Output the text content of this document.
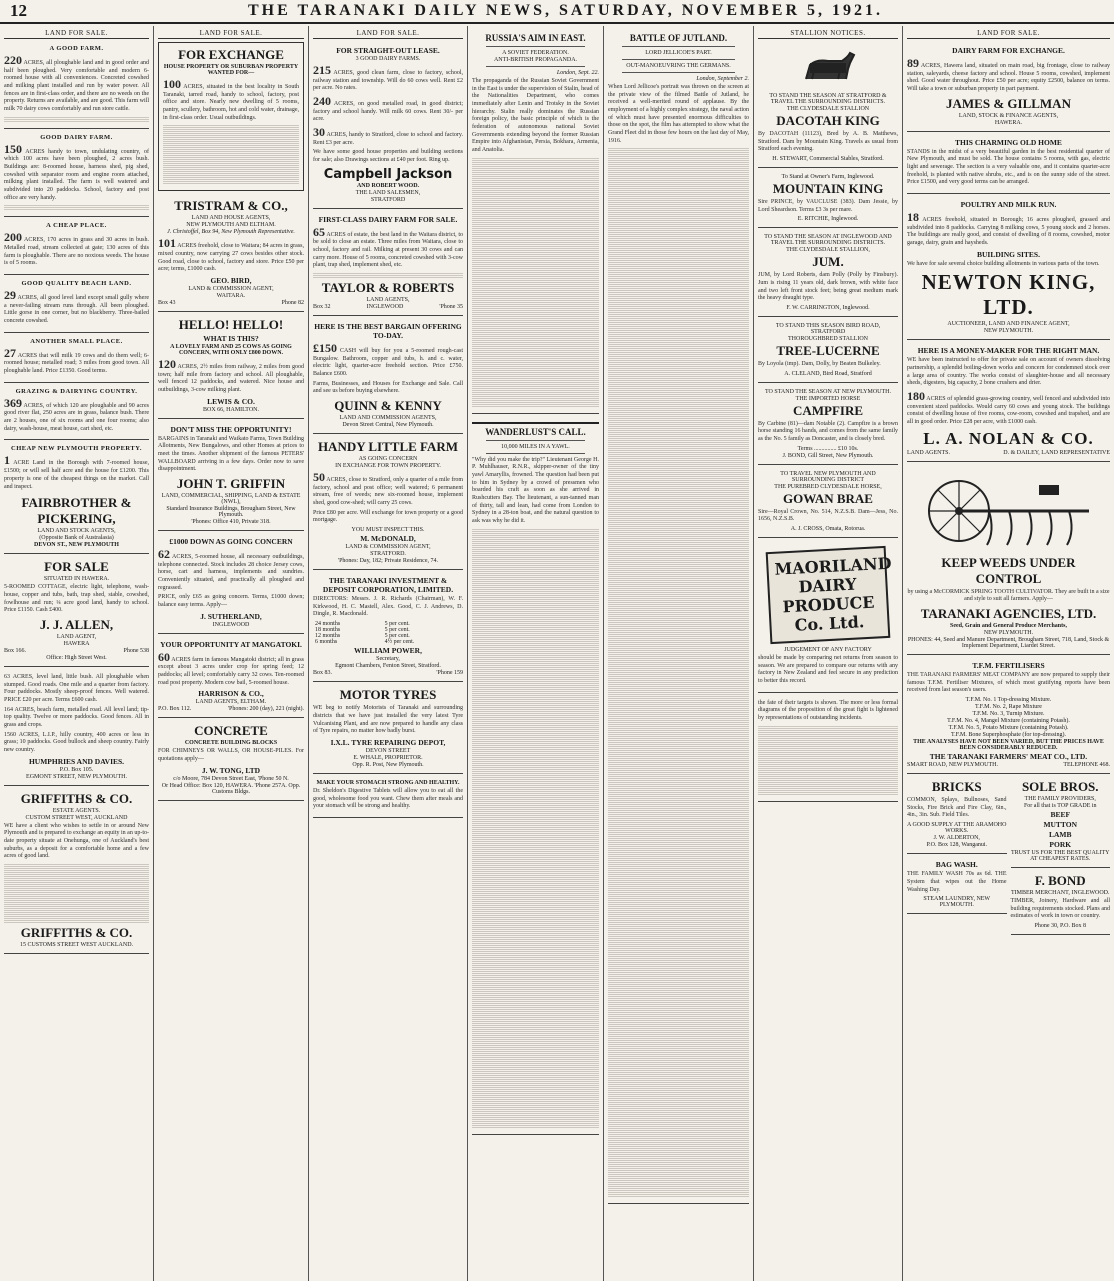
12	THE TARANAKI DAILY NEWS, SATURDAY, NOVEMBER 5, 1921.
LAND FOR SALE.
A GOOD FARM.

220 ACRES, all ploughable land and in good order and half been ploughed. Very comfortable and modern 6-roomed house with all conveniences. Concreted cowshed and milking plant installed and run by water power. All fences are in first-class order, and there are no weeds on the property. Returns are available, and are good. This farm will milk 70 dairy cows comfortably and run store cattle.

GOOD DAIRY FARM.

150 ACRES handy to town, undulating country, of which 100 acres have been ploughed, 2 acres bush. Buildings are: 8-roomed house, harness shed, pig shed, cowshed with separator room and engine room attached, milking plant installed. The farm is well watered and subdivided into 20 paddocks. School, factory and post office are very handy.

A CHEAP PLACE.

200 ACRES, 170 acres in grass and 30 acres in bush. Metalled road, stream collected at gate; 130 acres of this farm is ploughable. There are no noxious weeds. The house is of 5 rooms.

GOOD QUALITY BEACH LAND.

29 ACRES, all good level land except small gully where a never-failing stream runs through. All been ploughed. Little gorse in one corner, but no blackberry. Three-bailed concrete cowshed.

ANOTHER SMALL PLACE.

27 ACRES that will milk 19 cows and do them well; 6-roomed house; metalled road; 3 miles from good town. All ploughable land. Price £1350. Good terms.

GRAZING & DAIRYING COUNTRY.

369 ACRES, of which 120 are ploughable and 90 acres good river flat, 250 acres are in grass, balance bush. There are 2 houses, one of six rooms and one four rooms; also dairy, wash-house, meat house, cart shed, etc.

CHEAP NEW PLYMOUTH PROPERTY.

1 ACRE Land in the Borough with 7-roomed house, £1500; or will sell half acre and the house for £1200. This property is one of the cheapest things on the market. Call and inspect.

FAIRBROTHER & PICKERING,
LAND AND STOCK AGENTS,
(Opposite Bank of Australasia)
DEVON ST., NEW PLYMOUTH
FOR SALE
SITUATED IN HAWERA.

5-ROOMED COTTAGE, electric light, telephone, wash-house, copper and tubs, bath, trap shed, stable, cowshed, fowlhouse and run; ¼ acre good land, handy to school. Price £1150. Cash £400.

J. J. ALLEN,
LAND AGENT,
HAWERA
Box 166.	Phone 538
Office: High Street West.

63 ACRES, level land, little bush. All ploughable when stumped. Good roads. One mile and a quarter from factory. Four paddocks. Mostly sheep-proof fences. Well watered. PRICE £20 per acre. Terms £600 cash.

164 ACRES, beach farm, metalled road. All level land; tip-top quality. Twelve or more paddocks. Good fences. All in grass and crops.

1560 ACRES, L.I.P., hilly country, 400 acres or less in grass; 10 paddocks. Good bullock and sheep country. Fairly new country.

HUMPHRIES AND DAVIES.
P.O. Box 105.
EGMONT STREET, NEW PLYMOUTH.
GRIFFITHS & CO.
ESTATE AGENTS.
CUSTOM STREET WEST, AUCKLAND

WE have a client who wishes to settle in or around New Plymouth and is prepared to exchange an equity in an up-to-date property situate at Onehunga, one of Auckland's best suburbs, as a deposit for a comfortable home and a few acres of good land.

GRIFFITHS & CO.
15 CUSTOMS STREET WEST AUCKLAND.
LAND FOR SALE.
FOR EXCHANGE
HOUSE PROPERTY OR SUBURBAN PROPERTY WANTED FOR—

100 ACRES, situated in the best locality in South Taranaki, tarred road, handy to school, factory, post office and store. Nearly new dwelling of 5 rooms, pantry, scullery, bathroom, hot and cold water, drainage, in first-class order. Usual outbuildings.

TRISTRAM & CO.,
LAND AND HOUSE AGENTS,
NEW PLYMOUTH AND ELTHAM.
J. Christoffel, Box 94, New Plymouth Representative.

101 ACRES freehold, close to Waitara; 84 acres in grass, mixed country, now carrying 27 cows besides other stock. Good road, close to school, factory and store. Price £50 per acre; terms, £1000 cash.

GEO. BIRD,
LAND & COMMISSION AGENT,
WAITARA.
Box 43	Phone 82
HELLO! HELLO!
WHAT IS THIS?
A LOVELY FARM AND 25 COWS AS GOING CONCERN, WITH ONLY £800 DOWN.

120 ACRES, 2½ miles from railway, 2 miles from good town; half mile from factory and school. All ploughable, well fenced 12 paddocks, and watered. Nice house and outbuildings, 3-cow milking plant.

LEWIS & CO.
BOX 66, HAMILTON.
DON'T MISS THE OPPORTUNITY!

BARGAINS in Taranaki and Waikato Farms, Town Building Allotments, New Bungalows, and other Homes at prices to meet the times. Another shipment of the famous PETERS' WALLBOARD arriving in a few days. Order now to save disappointment.

JOHN T. GRIFFIN
LAND, COMMERCIAL, SHIPPING, LAND & ESTATE (NWL),
Standard Insurance Buildings, Brougham Street, New Plymouth.
'Phones: Office 410, Private 318.
£1000 DOWN AS GOING CONCERN

62 ACRES, 5-roomed house, all necessary outbuildings, telephone connected. Stock includes 28 choice Jersey cows, horse, cart and harness, implements and sundries. Conveniently situated, and practically all ploughed and regrassed.

PRICE, only £65 as going concern. Terms, £1000 down; balance easy terms. Apply—

J. SUTHERLAND,
INGLEWOOD
YOUR OPPORTUNITY AT MANGATOKI.

60 ACRES farm in famous Mangatoki district; all in grass except about 3 acres under crop for spring feed; 12 paddocks; all level; comfortably carry 32 cows. Ten-roomed road post property. Modern cow bail, 5-roomed house.

HARRISON & CO.,
LAND AGENTS, ELTHAM.
P.O. Box 112.	'Phones: 200 (day), 221 (night).
CONCRETE
CONCRETE BUILDING BLOCKS

FOR CHIMNEYS OR WALLS, OR HOUSE-PILES. For quotations apply—

J. W. TONG, LTD
c/o Moore, 784 Devon Street East, 'Phone 50 N.
Or Head Office: Box 120, HAWERA. 'Phone 257A. Opp. Customs Bldgs.
LAND FOR SALE.
FOR STRAIGHT-OUT LEASE.
3 GOOD DAIRY FARMS.

215 ACRES, good clean farm, close to factory, school, railway station and township. Will do 60 cows well. Rent £2 per acre. No rates.

240 ACRES, on good metalled road, in good district; factory and school handy. Will milk 60 cows. Rent 30/- per acre.

30 ACRES, handy to Stratford, close to school and factory. Rent £3 per acre.

We have some good house properties and building sections for sale; also Drawings sections at £40 per foot. Ring up.

Campbell Jackson
AND ROBERT WOOD.
THE LAND SALESMEN,
STRATFORD
FIRST-CLASS DAIRY FARM FOR SALE.

65 ACRES of estate, the best land in the Waitara district, to be sold to close an estate. Three miles from Waitara, close to school, factory and rail. Milking at present 30 cows and can carry more. House of 5 rooms, concreted cowshed with 3-cow plant, trap shed, implement shed, etc.

TAYLOR & ROBERTS
LAND AGENTS,
Box 32	INGLEWOOD	'Phone 35
HERE IS THE BEST BARGAIN OFFERING TO-DAY.

£150 CASH will buy for you a 5-roomed rough-cast Bungalow. Bathroom, copper and tubs, h. and c. water, electric light, quarter-acre freehold section. Price £750. Balance £600.

Farms, Businesses, and Houses for Exchange and Sale. Call and see us before buying elsewhere.

QUINN & KENNY
LAND AND COMMISSION AGENTS,
Devon Street Central, New Plymouth.
HANDY LITTLE FARM
AS GOING CONCERN
IN EXCHANGE FOR TOWN PROPERTY.

50 ACRES, close to Stratford, only a quarter of a mile from factory, school and post office; well watered; 6 permanent stream, free of weeds; new six-roomed house, implement shed, good cow-shed; will carry 25 cows.

Price £80 per acre. Will exchange for town property or a good mortgage.

YOU MUST INSPECT THIS.
M. McDONALD,
LAND & COMMISSION AGENT,
STRATFORD.
'Phones: Day, 182; Private Residence, 74.
THE TARANAKI INVESTMENT & DEPOSIT CORPORATION, LIMITED.

DIRECTORS: Messrs. J. R. Richards (Chairman), W. F. Kirkwood, H. C. Mastell, Alex. Good, C. J. Andrews, D. Dingle, R. Macdonald.

24 months	5 per cent.
18 months	5 per cent.
12 months	5 per cent.
6 months	4½ per cent.
WILLIAM POWER,
Secretary,
Egmont Chambers, Fenton Street, Stratford.
Box 83.	'Phone 159
MOTOR TYRES

WE beg to notify Motorists of Taranaki and surrounding districts that we have just installed the very latest Tyre Vulcanising Plant, and are now prepared to handle any class of Tyre repairs, no matter how badly burst.

I.X.L. TYRE REPAIRING DEPOT,
DEVON STREET
E. WHALE, PROPRIETOR.
Opp. R. Post, New Plymouth.
MAKE YOUR STOMACH STRONG AND HEALTHY.

Dr. Sheldon's Digestive Tablets will allow you to eat all the good, wholesome food you want. Chew them after meals and your stomach will be strong and healthy.

RUSSIA'S AIM IN EAST.
A SOVIET FEDERATION.
ANTI-BRITISH PROPAGANDA.
London, Sept. 22.

The propaganda of the Russian Soviet Government in the East is under the supervision of Stalin, head of the Nationalities Department, who comes immediately after Lenin and Trotsky in the Soviet hierarchy. Stalin really dominates the Russian foreign policy, the basic principle of which is the federation of autonomous national Soviet Governments extending beyond the former Russian Empire into Afghanistan, Persia, Bokhara, Armenia, and Anatolia.

WANDERLUST'S CALL.
10,000 MILES IN A YAWL.

"Why did you make the trip?" Lieutenant George H. P. Muhlhauser, R.N.R., skipper-owner of the tiny yawl Amaryllis, frowned. The question had been put to him in Sydney by a crowd of pressmen who boarded his craft as soon as she arrived in Rushcutters Bay. The lieutenant, a sun-tanned man of thirty, tall and lean, had come from London to Sydney in a 28-ton boat, and the natural question to ask was why he did it.

BATTLE OF JUTLAND.
LORD JELLICOE'S PART.
OUT-MANOEUVRING THE GERMANS.
London, September 2.

When Lord Jellicoe's portrait was thrown on the screen at the private view of the filmed Battle of Jutland, he received a well-merited round of applause. By the employment of a highly complex strategy, the naval action of which must have presented enormous difficulties to those on the spot, the film has attempted to show what the Grand Fleet did in those few hours on the last day of May, 1916.

STALLION NOTICES.
TO STAND THE SEASON AT STRATFORD & TRAVEL THE SURROUNDING DISTRICTS.
THE CLYDESDALE STALLION
DACOTAH KING

By DACOTAH (11123), Bred by A. B. Matthews, Stratford. Dam by Mountain King. Travels as usual from Stratford each evening.

H. STEWART, Commercial Stables, Stratford.
To Stand at Owner's Farm, Inglewood.
MOUNTAIN KING

Sire PRINCE, by VAUCLUSE (383). Dam Jessie, by Lord Sheardson. Terms £3 3s per mare.

E. RITCHIE, Inglewood.
TO STAND THE SEASON AT INGLEWOOD AND TRAVEL THE SURROUNDING DISTRICTS.
THE CLYDESDALE STALLION,
JUM.

JUM, by Lord Roberts, dam Polly (Polly by Finsbury). Jum is rising 11 years old, dark brown, with white face and two left front stock feet; being great medium mark the heavy draught type.

F. W. CARRINGTON, Inglewood.
TO STAND THIS SEASON BIRD ROAD, STRATFORD
THOROUGHBRED STALLION
TREE-LUCERNE

By Loyola (imp). Dam, Dolly, by Beaten Bulkeley.

A. CLELAND, Bird Road, Stratford
TO STAND THE SEASON AT NEW PLYMOUTH.
THE IMPORTED HORSE
CAMPFIRE

By Carbine (81)—dam Notable (2). Campfire is a brown horse standing 16 hands, and comes from the same family as the No. 5 family as Doncaster, and is closely bred.

Terms ............... £10 10s.
J. BOND, Gill Street, New Plymouth.
TO TRAVEL NEW PLYMOUTH AND SURROUNDING DISTRICT
THE PUREBRED CLYDESDALE HORSE,
GOWAN BRAE

Sire—Royal Crown, No. 514, N.Z.S.B. Dam—Jess, No. 1656, N.Z.S.B.

A. J. CROSS, Omata, Rotorua.
MAORILAND DAIRY PRODUCE Co. Ltd.
JUDGEMENT OF ANY FACTORY

should be made by comparing net returns from season to season. We are prepared to compare our returns with any factory in New Zealand and feel secure in any prediction to better this record.

the fate of their targets is shown. The more or less formal diagrams of the proposition of the great fight is lightened by representations of outstanding incidents.

LAND FOR SALE.
DAIRY FARM FOR EXCHANGE.

89 ACRES, Hawera land, situated on main road, big frontage, close to railway station, saleyards, cheese factory and school. House 5 rooms, cowshed, implement shed. Good water throughout. Price £50 per acre; equity £2500, balance on terms. Will take a town or suburban property in part payment.

JAMES & GILLMAN
LAND, STOCK & FINANCE AGENTS,
HAWERA.
THIS CHARMING OLD HOME

STANDS in the midst of a very beautiful garden in the best residential quarter of New Plymouth, and must be sold. The house contains 5 rooms, with gas, electric light and sewerage. The section is a very valuable one, and it contains quarter-acre freehold, is planted with native shrubs, etc., and is on the sunny side of the street. Price £1500, and very good terms can be arranged.

POULTRY AND MILK RUN.

18 ACRES freehold, situated in Borough; 16 acres ploughed, grassed and subdivided into 8 paddocks. Carrying 8 milking cows, 5 young stock and 2 horses. The buildings are really good, and consist of dwelling of 8 rooms, cowshed, motor garage, dairy, grain and haysheds.

BUILDING SITES.

We have for sale several choice building allotments in various parts of the town.

NEWTON KING, LTD.
AUCTIONEER, LAND AND FINANCE AGENT,
NEW PLYMOUTH.
HERE IS A MONEY-MAKER FOR THE RIGHT MAN.

WE have been instructed to offer for private sale on account of owners dissolving partnership, a splendid boiling-down works and concern for condemned stock over a large area of country. The works consist of slaughter-house and all necessary sheds, digesters, big capacity, 2 bone crushers and drier.

180 ACRES of splendid grass-growing country, well fenced and subdivided into convenient sized paddocks. Would carry 60 cows and young stock. The buildings consist of dwelling house of five rooms, cow-room, cowshed and trapshed, and are all in good order. Price £28 per acre, with £1000 cash.

L. A. NOLAN & CO.
LAND AGENTS.	D. & DAILEY, LAND REPRESENTATIVE
KEEP WEEDS UNDER CONTROL

by using a McCORMICK SPRING TOOTH CULTIVATOR. They are built in a size and style to suit all farmers. Apply—

TARANAKI AGENCIES, LTD.
Seed, Grain and General Produce Merchants,
NEW PLYMOUTH.
PHONES: 44, Seed and Manure Department, Brougham Street, 718, Land, Stock & Implement Department, Liardet Street.
T.F.M. FERTILISERS

THE TARANAKI FARMERS' MEAT COMPANY are now prepared to supply their famous T.F.M. Fertiliser Mixtures, of which most gratifying reports have been received from last season's users.

T.F.M. No. 1 Top-dressing Mixture.
T.F.M. No. 2, Rape Mixture
T.F.M. No. 3, Turnip Mixture.
T.F.M. No. 4, Mangel Mixture (containing Potash).
T.F.M. No. 5, Potato Mixture (containing Potash).
T.F.M. Bone Superphosphate (for top-dressing).
THE ANALYSES HAVE NOT BEEN VARIED, BUT THE PRICES HAVE BEEN CONSIDERABLY REDUCED.
THE TARANAKI FARMERS' MEAT CO., LTD.
SMART ROAD, NEW PLYMOUTH.	TELEPHONE 468.
BRICKS

COMMON, Splays, Bullnoses, Sand Stocks, Fire Brick and Fire Clay, 6in., 4in., 3in. Sub. Field Tiles.

A GOOD SUPPLY AT THE ARAMOHO WORKS.
J. W. ALDERTON,
P.O. Box 128, Wanganui.
BAG WASH.

THE FAMILY WASH 70s as 6d. THE System that wipes out the Home Washing Day.

STEAM LAUNDRY, NEW PLYMOUTH.
SOLE BROS.
THE FAMILY PROVIDERS,
For all that is TOP GRADE in
BEEF
MUTTON
LAMB
PORK
TRUST US FOR THE BEST QUALITY AT CHEAPEST RATES.
F. BOND
TIMBER MERCHANT, INGLEWOOD.

TIMBER, Joinery, Hardware and all building requirements stocked. Plans and estimates of work in town or country.

Phone 30, P.O. Box 8
